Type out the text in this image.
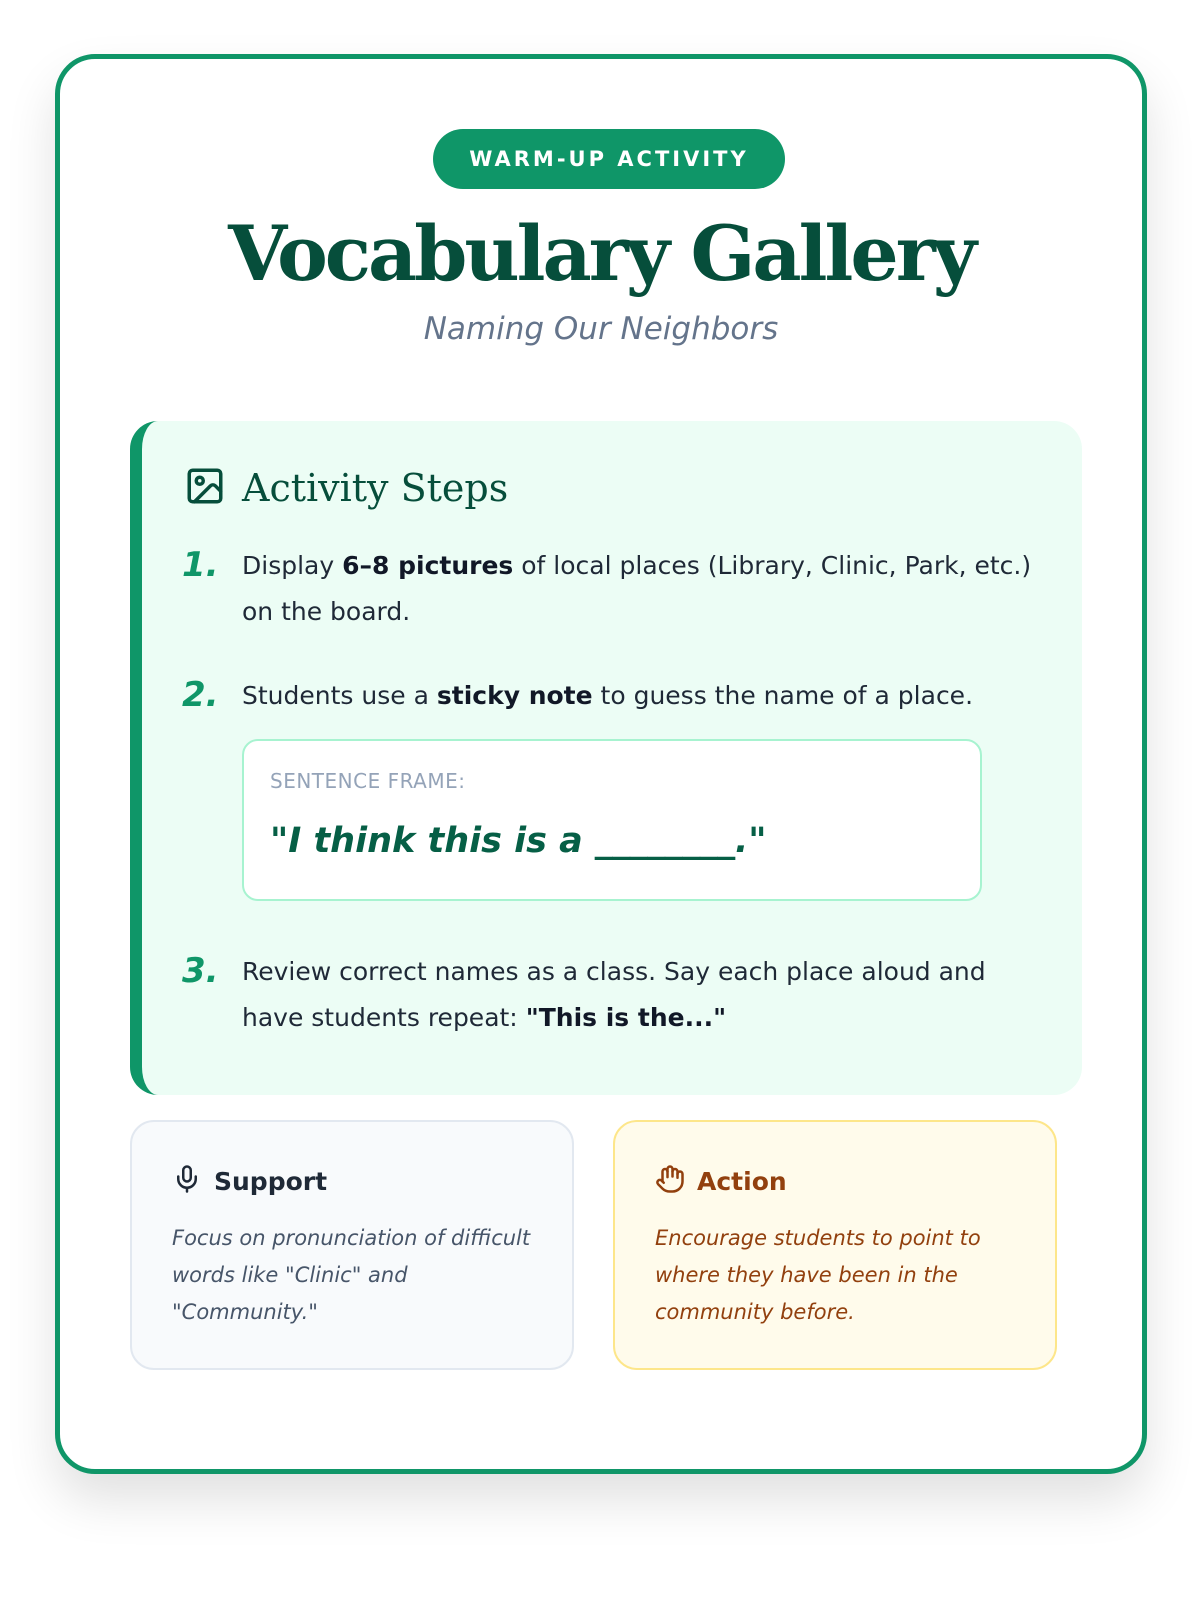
WARM-UP ACTIVITY
Vocabulary Gallery

Naming Our Neighbors

Activity Steps
1. Display 6–8 pictures of local places (Library, Clinic, Park, etc.) on the board.
2. Students use a sticky note to guess the name of a place.
SENTENCE FRAME:
"I think this is a ________."
3. Review correct names as a class. Say each place aloud and have students repeat: "This is the..."
Support
Focus on pronunciation of difficult words like "Clinic" and "Community."
Action
Encourage students to point to where they have been in the community before.
